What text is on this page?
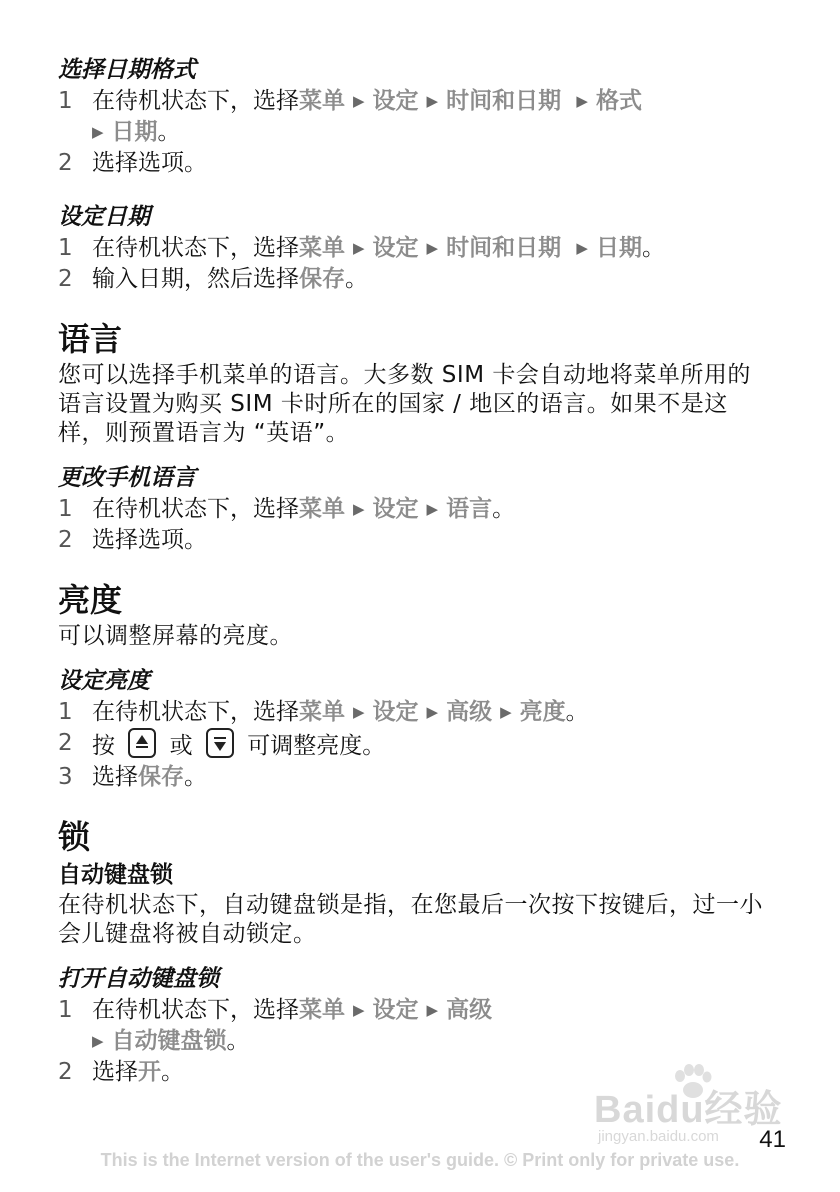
选择日期格式

1 在待机状态下，选择菜单 ▶ 设定 ▶ 时间和日期 ▶ 格式
▶ 日期。
2 选择选项。

设定日期

1 在待机状态下，选择菜单 ▶ 设定 ▶ 时间和日期 ▶ 日期。
2 输入日期，然后选择保存。
语言

您可以选择手机菜单的语言。大多数 SIM 卡会自动地将菜单所用的语言设置为购买 SIM 卡时所在的国家 / 地区的语言。如果不是这样，则预置语言为 “英语”。

更改手机语言

1 在待机状态下，选择菜单 ▶ 设定 ▶ 语言。
2 选择选项。
亮度

可以调整屏幕的亮度。

设定亮度

1 在待机状态下，选择菜单 ▶ 设定 ▶ 高级 ▶ 亮度。
2 按 或 可调整亮度。
3 选择保存。
锁

自动键盘锁

在待机状态下，自动键盘锁是指，在您最后一次按下按键后，过一小会儿键盘将被自动锁定。

打开自动键盘锁

1 在待机状态下，选择菜单 ▶ 设定 ▶ 高级
▶ 自动键盘锁。
2 选择开。
Baidu经验
jingyan.baidu.com 41
This is the Internet version of the user's guide. © Print only for private use.
